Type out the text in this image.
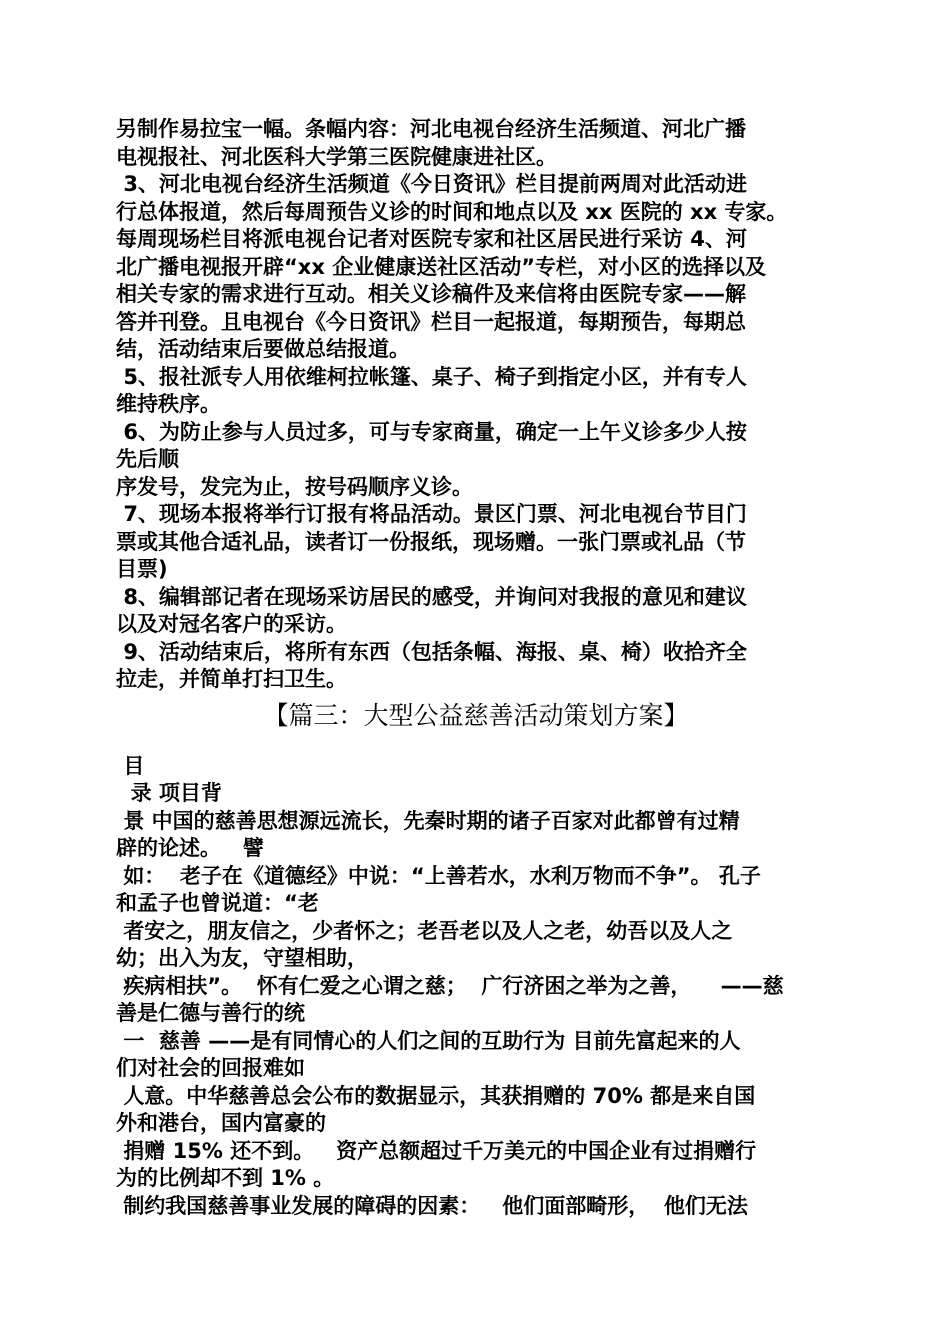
另制作易拉宝一幅。条幅内容：河北电视台经济生活频道、河北广播
电视报社、河北医科大学第三医院健康进社区。

3、河北电视台经济生活频道《今日资讯》栏目提前两周对此活动进
行总体报道，然后每周预告义诊的时间和地点以及 xx 医院的 xx 专家。
每周现场栏目将派电视台记者对医院专家和社区居民进行采访 4、河
北广播电视报开辟“xx 企业健康送社区活动”专栏，对小区的选择以及
相关专家的需求进行互动。相关义诊稿件及来信将由医院专家——解
答并刊登。且电视台《今日资讯》栏目一起报道，每期预告，每期总
结，活动结束后要做总结报道。

5、报社派专人用依维柯拉帐篷、桌子、椅子到指定小区，并有专人
维持秩序。

6、为防止参与人员过多，可与专家商量，确定一上午义诊多少人按
先后顺
序发号，发完为止，按号码顺序义诊。

7、现场本报将举行订报有将品活动。景区门票、河北电视台节目门
票或其他合适礼品，读者订一份报纸，现场赠。一张门票或礼品（节
目票)

8、编辑部记者在现场采访居民的感受，并询问对我报的意见和建议
以及对冠名客户的采访。

9、活动结束后，将所有东西（包括条幅、海报、桌、椅）收拾齐全
拉走，并简单打扫卫生。

【篇三：大型公益慈善活动策划方案】

目
录 项目背
景 中国的慈善思想源远流长，先秦时期的诸子百家对此都曾有过精
辟的论述。   譬
如：  老子在《道德经》中说：“上善若水，水利万物而不争”。 孔子
和孟子也曾说道：“老
者安之，朋友信之，少者怀之；老吾老以及人之老，幼吾以及人之
幼；出入为友，守望相助，
疾病相扶”。  怀有仁爱之心谓之慈；  广行济困之举为之善，    ——慈
善是仁德与善行的统
一  慈善 ——是有同情心的人们之间的互助行为 目前先富起来的人
们对社会的回报难如
人意。中华慈善总会公布的数据显示，其获捐赠的 70% 都是来自国
外和港台，国内富豪的
捐赠 15% 还不到。   资产总额超过千万美元的中国企业有过捐赠行
为的比例却不到 1% 。
制约我国慈善事业发展的障碍的因素：   他们面部畸形，  他们无法
